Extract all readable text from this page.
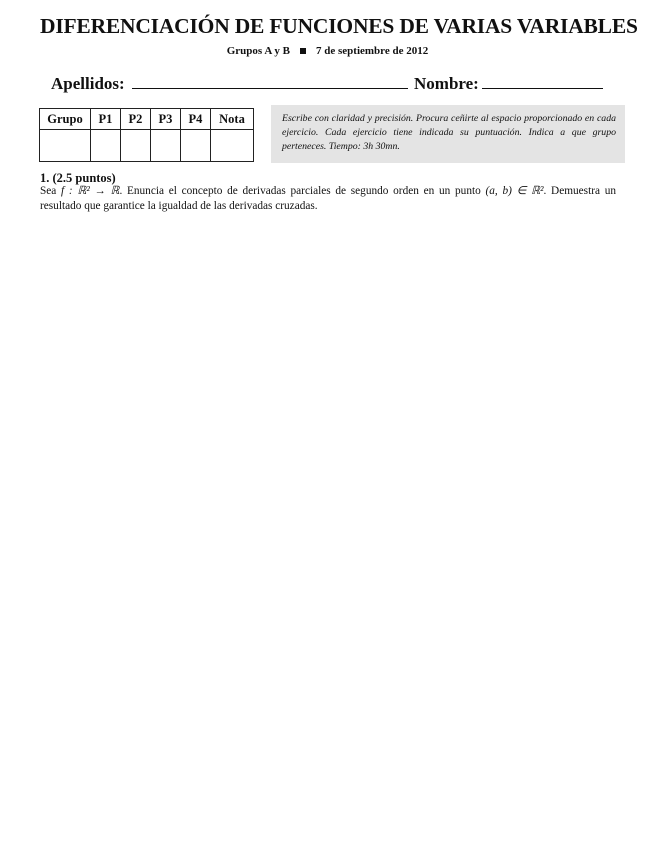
DIFERENCIACIÓN DE FUNCIONES DE VARIAS VARIABLES
Grupos A y B 7 de septiembre de 2012
Apellidos:	Nombre:
Grupo	P1	P2	P3	P4	Nota
						Escribe con claridad y precisión. Procura ceñirte al espacio proporcionado en cada ejercicio. Cada ejercicio tiene indicada su puntuación. Indica a que grupo perteneces. Tiempo: 3h 30mn.
1. (2.5 puntos)
Sea f : ℝ² → ℝ. Enuncia el concepto de derivadas parciales de segundo orden en un punto (a, b) ∈ ℝ². Demuestra un resultado que garantice la igualdad de las derivadas cruzadas.
